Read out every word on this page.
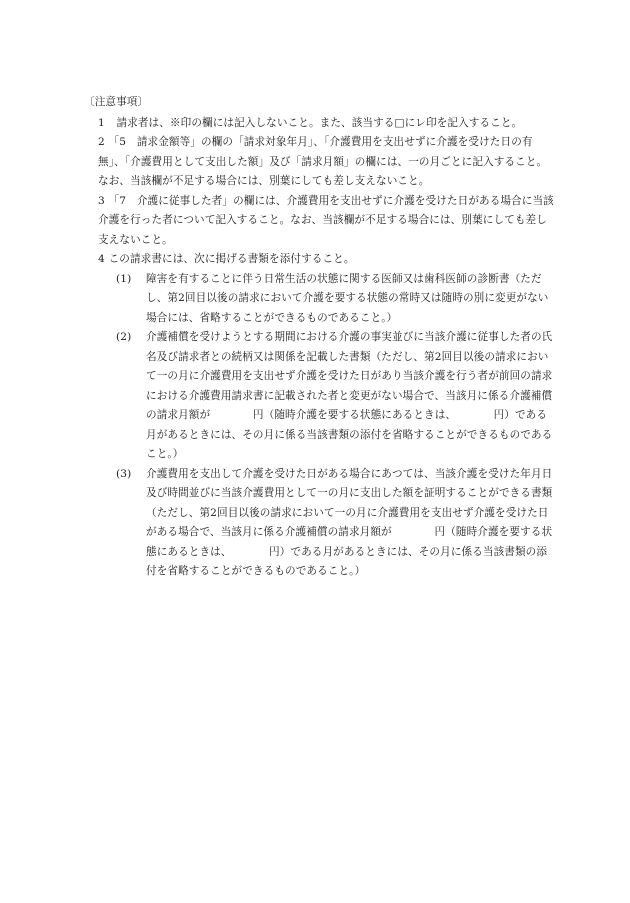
〔注意事項〕
1	請求者は、※印の欄には記入しないこと。また、該当する□にレ印を記入すること。
2 「5　請求金額等」の欄の「請求対象年月」、「介護費用を支出せずに介護を受けた日の有無」、「介護費用として支出した額」及び「請求月額」の欄には、一の月ごとに記入すること。なお、当該欄が不足する場合には、別葉にしても差し支えないこと。
3 「7　介護に従事した者」の欄には、介護費用を支出せずに介護を受けた日がある場合に当該介護を行った者について記入すること。なお、当該欄が不足する場合には、別葉にしても差し支えないこと。
4 この請求書には、次に掲げる書類を添付すること。
(1) 障害を有することに伴う日常生活の状態に関する医師又は歯科医師の診断書（ただし、第2回目以後の請求において介護を要する状態の常時又は随時の別に変更がない場合には、省略することができるものであること。）
(2) 介護補償を受けようとする期間における介護の事実並びに当該介護に従事した者の氏名及び請求者との続柄又は関係を記載した書類（ただし、第2回目以後の請求において一の月に介護費用を支出せず介護を受けた日があり当該介護を行う者が前回の請求における介護費用請求書に記載された者と変更がない場合で、当該月に係る介護補償の請求月額が　　　　円（随時介護を要する状態にあるときは、　　　　円）である月があるときには、その月に係る当該書類の添付を省略することができるものであること。）
(3) 介護費用を支出して介護を受けた日がある場合にあつては、当該介護を受けた年月日及び時間並びに当該介護費用として一の月に支出した額を証明することができる書類（ただし、第2回目以後の請求において一の月に介護費用を支出せず介護を受けた日がある場合で、当該月に係る介護補償の請求月額が　　　　円（随時介護を要する状態にあるときは、　　　　円）である月があるときには、その月に係る当該書類の添付を省略することができるものであること。）
